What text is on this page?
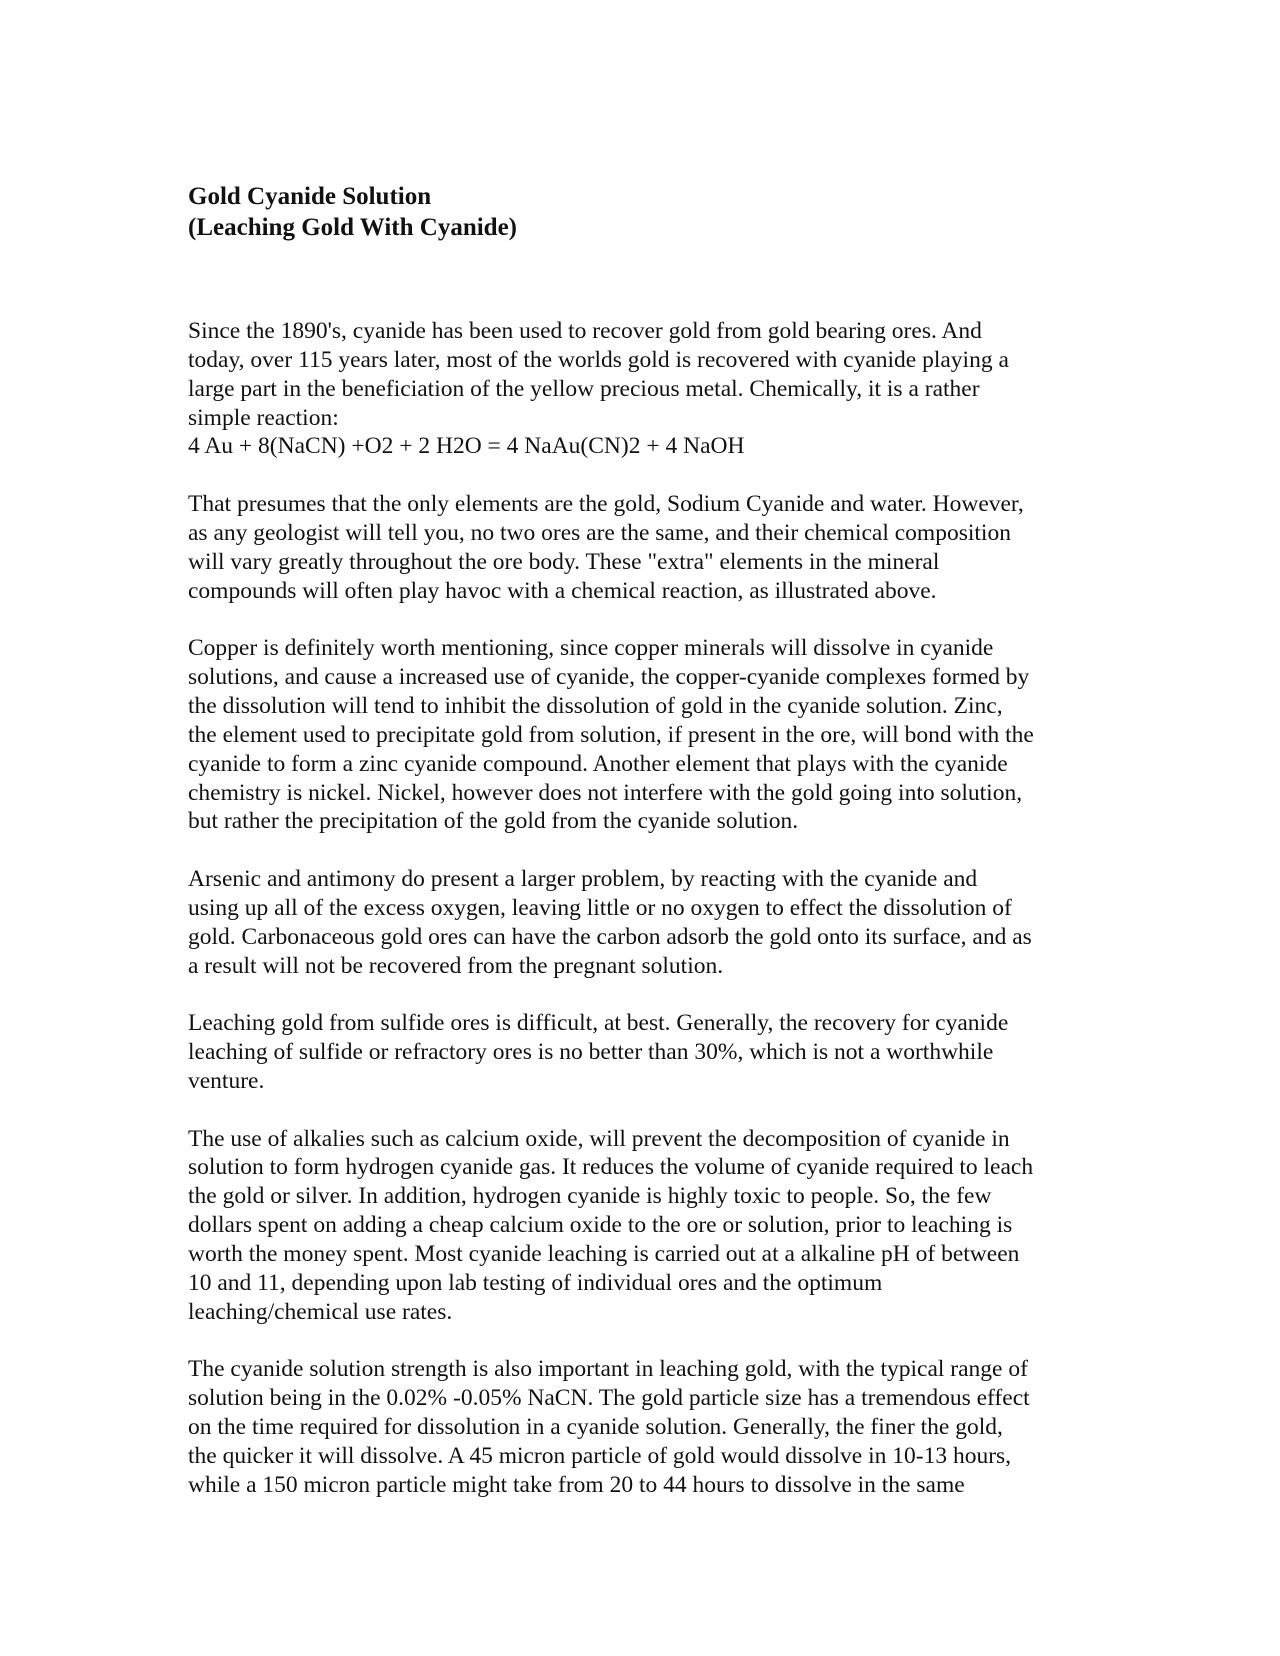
Gold Cyanide Solution
(Leaching Gold With Cyanide)

Since the 1890's, cyanide has been used to recover gold from gold bearing ores. And
today, over 115 years later, most of the worlds gold is recovered with cyanide playing a
large part in the beneficiation of the yellow precious metal. Chemically, it is a rather
simple reaction:
4 Au + 8(NaCN) +O2 + 2 H2O = 4 NaAu(CN)2 + 4 NaOH

That presumes that the only elements are the gold, Sodium Cyanide and water. However,
as any geologist will tell you, no two ores are the same, and their chemical composition
will vary greatly throughout the ore body. These "extra" elements in the mineral
compounds will often play havoc with a chemical reaction, as illustrated above.

Copper is definitely worth mentioning, since copper minerals will dissolve in cyanide
solutions, and cause a increased use of cyanide, the copper-cyanide complexes formed by
the dissolution will tend to inhibit the dissolution of gold in the cyanide solution. Zinc,
the element used to precipitate gold from solution, if present in the ore, will bond with the
cyanide to form a zinc cyanide compound. Another element that plays with the cyanide
chemistry is nickel. Nickel, however does not interfere with the gold going into solution,
but rather the precipitation of the gold from the cyanide solution.

Arsenic and antimony do present a larger problem, by reacting with the cyanide and
using up all of the excess oxygen, leaving little or no oxygen to effect the dissolution of
gold. Carbonaceous gold ores can have the carbon adsorb the gold onto its surface, and as
a result will not be recovered from the pregnant solution.

Leaching gold from sulfide ores is difficult, at best. Generally, the recovery for cyanide
leaching of sulfide or refractory ores is no better than 30%, which is not a worthwhile
venture.

The use of alkalies such as calcium oxide, will prevent the decomposition of cyanide in
solution to form hydrogen cyanide gas. It reduces the volume of cyanide required to leach
the gold or silver. In addition, hydrogen cyanide is highly toxic to people. So, the few
dollars spent on adding a cheap calcium oxide to the ore or solution, prior to leaching is
worth the money spent. Most cyanide leaching is carried out at a alkaline pH of between
10 and 11, depending upon lab testing of individual ores and the optimum
leaching/chemical use rates.

The cyanide solution strength is also important in leaching gold, with the typical range of
solution being in the 0.02% -0.05% NaCN. The gold particle size has a tremendous effect
on the time required for dissolution in a cyanide solution. Generally, the finer the gold,
the quicker it will dissolve. A 45 micron particle of gold would dissolve in 10-13 hours,
while a 150 micron particle might take from 20 to 44 hours to dissolve in the same
